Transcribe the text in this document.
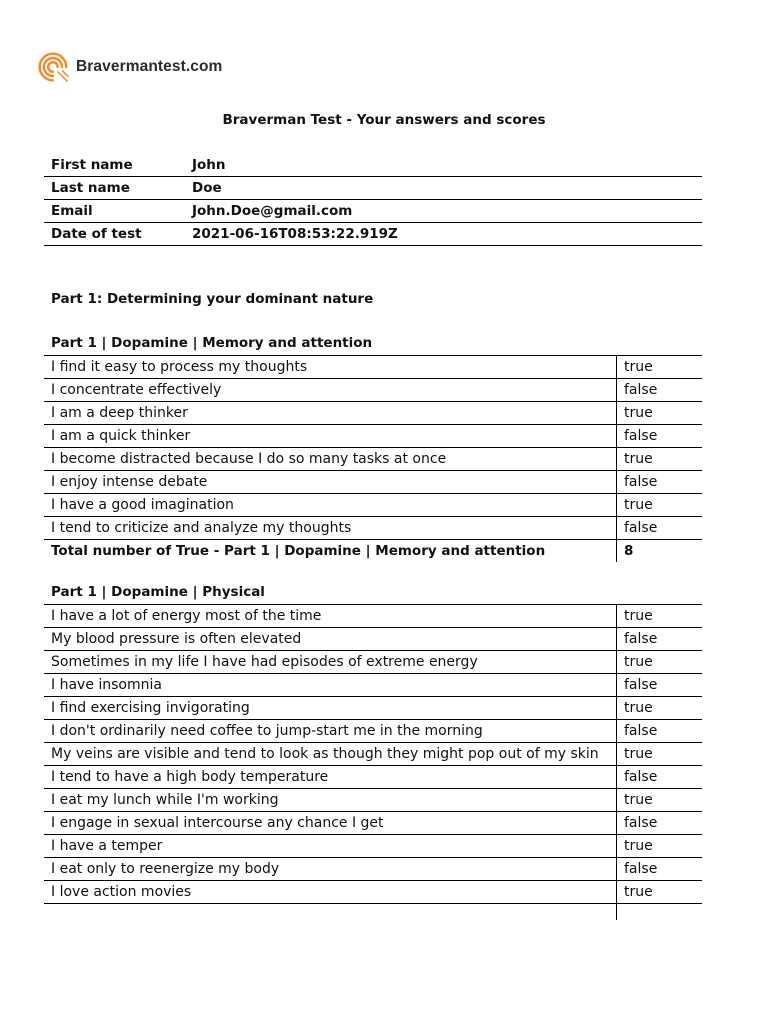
Bravermantest.com
Braverman Test - Your answers and scores
First name	John
Last name	Doe
Email	John.Doe@gmail.com
Date of test	2021-06-16T08:53:22.919Z
Part 1: Determining your dominant nature
Part 1 | Dopamine | Memory and attention
I find it easy to process my thoughts	true
I concentrate effectively	false
I am a deep thinker	true
I am a quick thinker	false
I become distracted because I do so many tasks at once	true
I enjoy intense debate	false
I have a good imagination	true
I tend to criticize and analyze my thoughts	false
Total number of True - Part 1 | Dopamine | Memory and attention	8
Part 1 | Dopamine | Physical
I have a lot of energy most of the time	true
My blood pressure is often elevated	false
Sometimes in my life I have had episodes of extreme energy	true
I have insomnia	false
I find exercising invigorating	true
I don't ordinarily need coffee to jump-start me in the morning	false
My veins are visible and tend to look as though they might pop out of my skin	true
I tend to have a high body temperature	false
I eat my lunch while I'm working	true
I engage in sexual intercourse any chance I get	false
I have a temper	true
I eat only to reenergize my body	false
I love action movies	true
